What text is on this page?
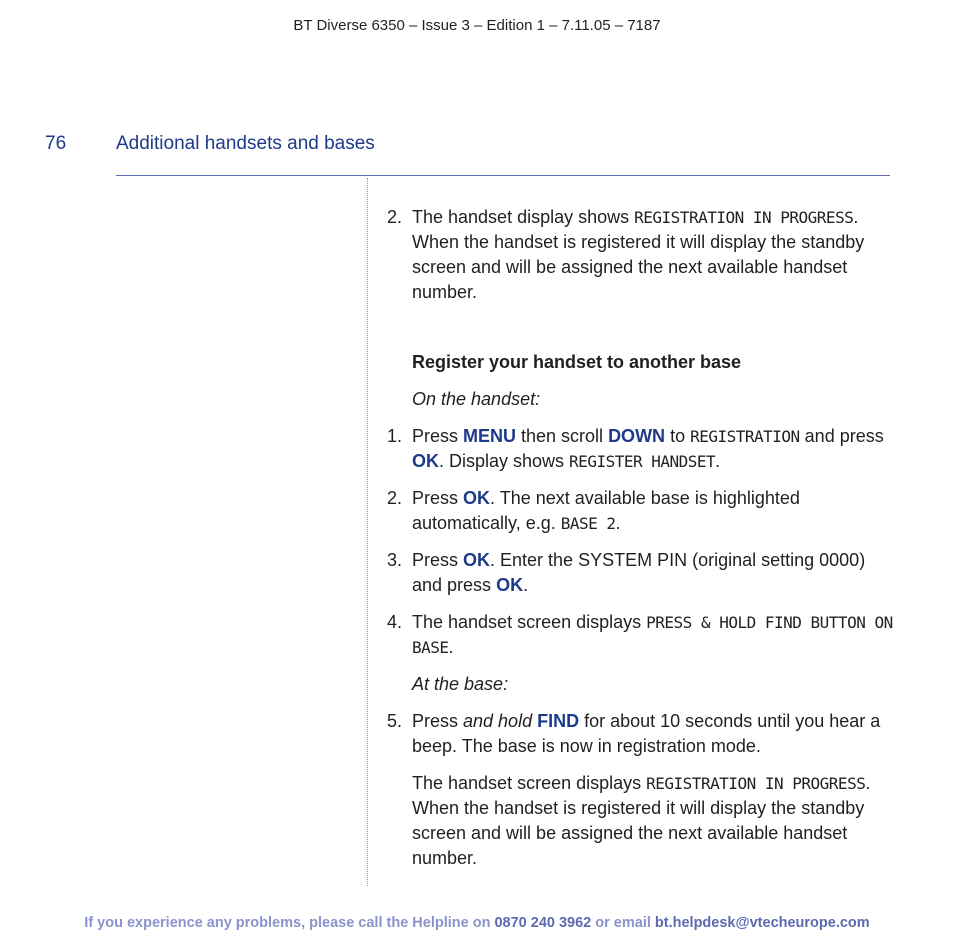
BT Diverse 6350 – Issue 3 – Edition 1 – 7.11.05 – 7187
76	Additional handsets and bases
2. The handset display shows REGISTRATION IN PROGRESS. When the handset is registered it will display the standby screen and will be assigned the next available handset number.
Register your handset to another base
On the handset:
1. Press MENU then scroll DOWN to REGISTRATION and press OK. Display shows REGISTER HANDSET.
2. Press OK. The next available base is highlighted automatically, e.g. BASE 2.
3. Press OK. Enter the SYSTEM PIN (original setting 0000) and press OK.
4. The handset screen displays PRESS & HOLD FIND BUTTON ON BASE.
At the base:
5. Press and hold FIND for about 10 seconds until you hear a beep. The base is now in registration mode.
The handset screen displays REGISTRATION IN PROGRESS. When the handset is registered it will display the standby screen and will be assigned the next available handset number.
If you experience any problems, please call the Helpline on 0870 240 3962 or email bt.helpdesk@vtecheurope.com
